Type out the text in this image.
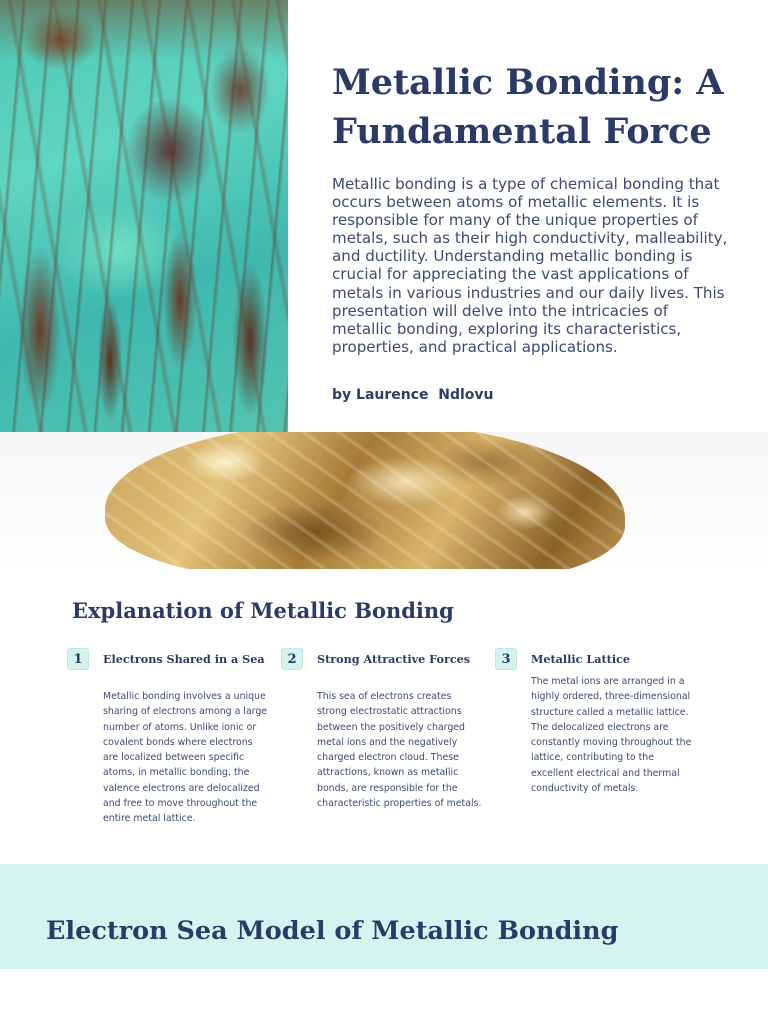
Metallic Bonding: A Fundamental Force

Metallic bonding is a type of chemical bonding that occurs between atoms of metallic elements. It is responsible for many of the unique properties of metals, such as their high conductivity, malleability, and ductility. Understanding metallic bonding is crucial for appreciating the vast applications of metals in various industries and our daily lives. This presentation will delve into the intricacies of metallic bonding, exploring its characteristics, properties, and practical applications.

by Laurence  Ndlovu

Explanation of Metallic Bonding
1	Electrons Shared in a Sea

Metallic bonding involves a unique sharing of electrons among a large number of atoms. Unlike ionic or covalent bonds where electrons are localized between specific atoms, in metallic bonding, the valence electrons are delocalized and free to move throughout the entire metal lattice.

2	Strong Attractive Forces

This sea of electrons creates strong electrostatic attractions between the positively charged metal ions and the negatively charged electron cloud. These attractions, known as metallic bonds, are responsible for the characteristic properties of metals.

3	Metallic Lattice

The metal ions are arranged in a highly ordered, three-dimensional structure called a metallic lattice. The delocalized electrons are constantly moving throughout the lattice, contributing to the excellent electrical and thermal conductivity of metals.

Electron Sea Model of Metallic Bonding
